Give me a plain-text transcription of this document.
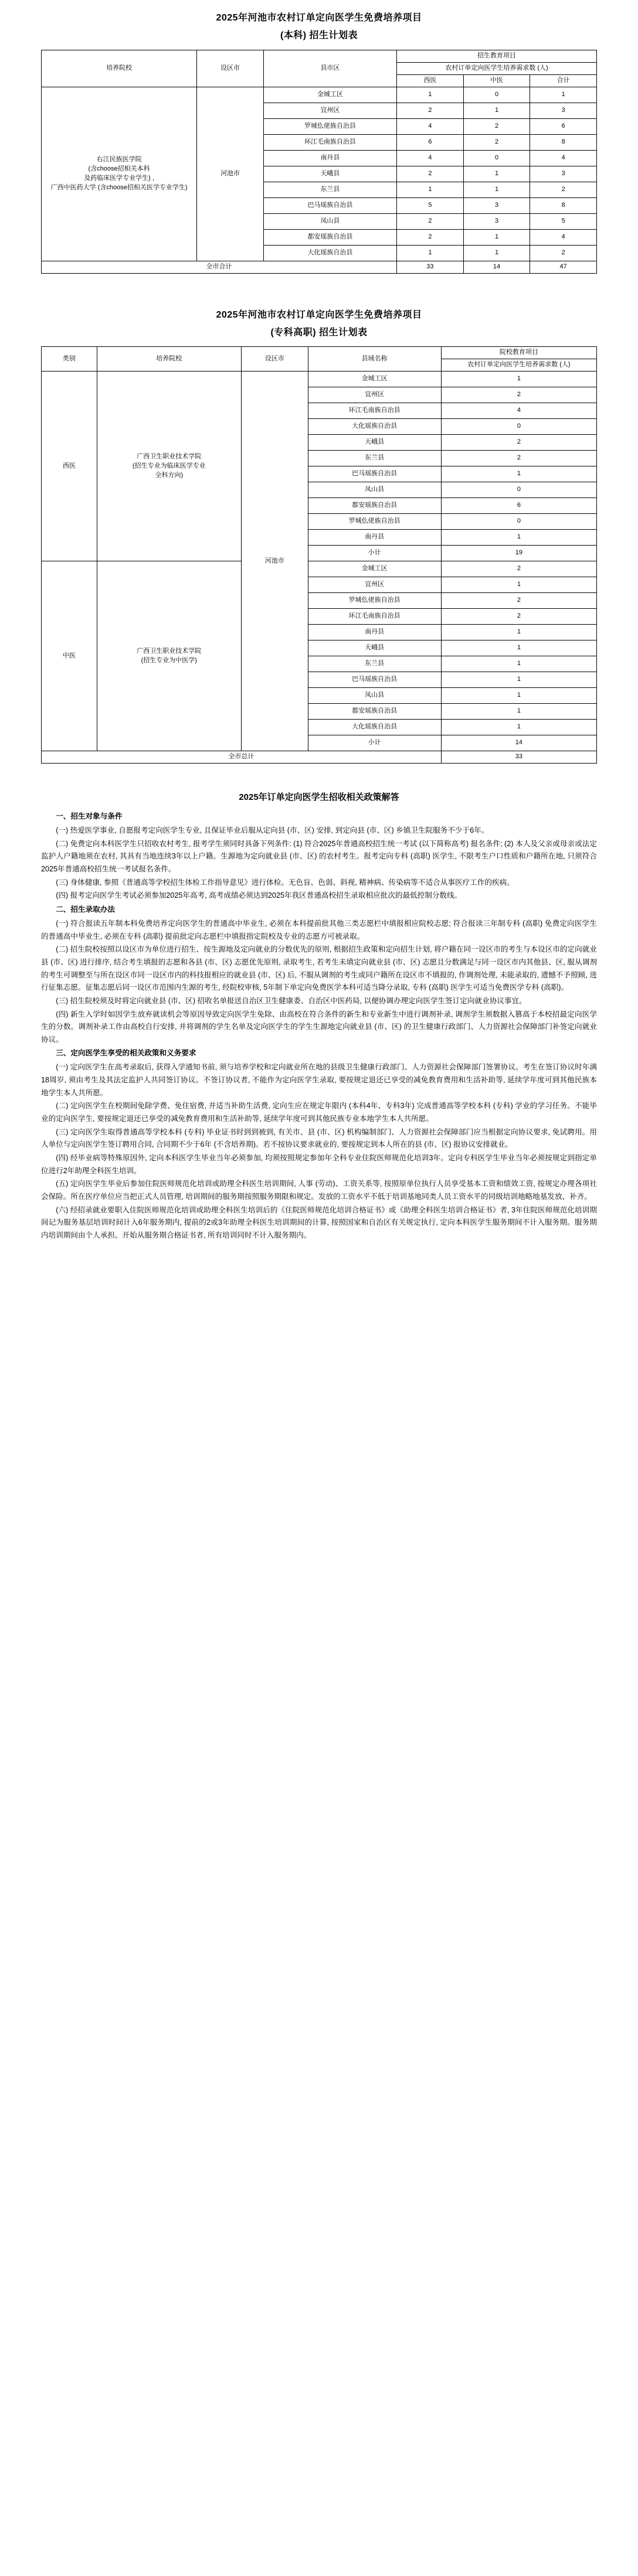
2025年河池市农村订单定向医学生免费培养项目
(本科) 招生计划表
培养院校	设区市	县市区	招生教育项目		
			农村订单定向医学生培养需求数 (人)		
			西医	中医	合计

右江民族医学院
(含choose招相关本科
及药临床医学专业学生) ,
广西中医药大学 (含choose招相关医学专业学生)	河池市	金城工区	1	0	1
		宜州区	2	1	3
		罗城仫佬族自治县	4	2	6
		环江毛南族自治县	6	2	8
		南丹县	4	0	4
		天峨县	2	1	3
		东兰县	1	1	2
		巴马瑶族自治县	5	3	8
		凤山县	2	3	5
		都安瑶族自治县	2	1	4
		大化瑶族自治县	1	1	2
全市合计			33	14	47
2025年河池市农村订单定向医学生免费培养项目
(专科高职) 招生计划表
类别	培养院校	设区市	县域名称	院校教育项目
				农村订单定向医学生培养需求数 (人)
西医	广西卫生职业技术学院
(招生专业为临床医学专业
全科方向)	河池市	金城工区	1
			宜州区	2
			环江毛南族自治县	4
			大化瑶族自治县	0
			天峨县	2
			东兰县	2
			巴马瑶族自治县	1
			凤山县	0
			都安瑶族自治县	6
			罗城仫佬族自治县	0
			南丹县	1
			小计	19
中医	广西卫生职业技术学院
(招生专业为中医学)		金城工区	2
			宜州区	1
			罗城仫佬族自治县	2
			环江毛南族自治县	2
			南丹县	1
			天峨县	1
			东兰县	1
			巴马瑶族自治县	1
			凤山县	1
			都安瑶族自治县	1
			大化瑶族自治县	1
			小计	14
全市总计				33
2025年订单定向医学生招收相关政策解答

一、招生对象与条件

(一) 热爱医学事业, 自愿报考定向医学生专业, 且保证毕业后服从定向县 (市、区) 安排, 到定向县 (市、区) 乡镇卫生院服务不少于6年。

(二) 免费定向本科医学生只招收农村考生, 报考学生须同时具备下列条件: (1) 符合2025年普通高校招生统一考试 (以下简称高考) 报名条件; (2) 本人及父亲或母亲或法定监护人户籍地须在农村, 其具有当地连续3年以上户籍。生源地为定向就业县 (市、区) 的农村考生。报考定向专科 (高职) 医学生, 不限考生户口性质和户籍所在地, 只须符合2025年普通高校招生统一考试报名条件。

(三) 身体健康, 参照《普通高等学校招生体检工作指导意见》进行体检。无色盲、色弱、斜视, 精神病、传染病等不适合从事医疗工作的疾病。

(四) 报考定向医学生考试必须参加2025年高考, 高考成绩必须达到2025年我区普通高校招生录取相应批次的最低控制分数线。

二、招生录取办法

(一) 符合报读五年制本科免费培养定向医学生的普通高中毕业生, 必须在本科提前批其他三类志愿栏中填报相应院校志愿; 符合报读三年制专科 (高职) 免费定向医学生的普通高中毕业生, 必须在专科 (高职) 提前批定向志愿栏中填报指定院校及专业的志愿方可被录取。

(二) 招生院校按照以设区市为单位进行招生、按生源地及定向就业的分数优先的原则, 根据招生政策和定向招生计划, 将户籍在同一设区市的考生与本设区市的定向就业县 (市、区) 进行排序, 结合考生填报的志愿和各县 (市、区) 志愿优先原则, 录取考生, 若考生未填定向就业县 (市、区) 志愿且分数满足与同一设区市内其他县、区, 服从调剂的考生可调整至与所在设区市同一设区市内的科技报相应的就业县 (市、区) 后, 不服从调剂的考生或同户籍所在设区市不填报的, 作调剂处理, 未能录取的, 遗憾不予照顾, 进行征集志愿。征集志愿后同一设区市范围内生源的考生, 经院校审核, 5年制下单定向免费医学本科可适当降分录取, 专科 (高职) 医学生可适当免费医学专科 (高职)。

(三) 招生院校须及时将定向就业县 (市、区) 招收名单报送自治区卫生健康委、自治区中医药局, 以便协调办理定向医学生签订定向就业协议事宜。

(四) 新生入学时如因学生放弃就读机会等原因导致定向医学生免除、由高校在符合条件的新生和专业新生中进行调剂补录, 调剂学生须数据入篡高于本校招最定向医学生的分数。调剂补录工作由高校自行安排, 并将调剂的学生名单及定向医学生的学生生源地定向就业县 (市、区) 的卫生健康行政部门、人力资源社会保障部门补签定向就业协议。

三、定向医学生享受的相关政策和义务要求

(一) 定向医学生在高考录取后, 获得入学通知书前, 须与培养学校和定向就业所在地的县级卫生健康行政部门、人力资源社会保障部门签署协议。考生在签订协议时年满18周岁, 须由考生及其法定监护人共同签订协议。不签订协议者, 不能作为定向医学生录取, 要按规定退还已享受的减免教育费用和生活补助等, 延续学年度可到其他民族本地学生本人共所愿。

(二) 定向医学生在校期间免除学费、免住宿费, 并适当补助生活费, 定向生应在规定年限内 (本科4年、专科3年) 完成普通高等学校本科 (专科) 学业的学习任务。不能毕业的定向医学生, 要按规定退还已享受的减免教育费用和生活补助等, 延续学年度可到其他民族专业本地学生本人共所愿。

(三) 定向医学生取得普通高等学校本科 (专科) 毕业证书时到到被到, 有关市、县 (市、区) 机构编制部门、人力资源社会保障部门应当根据定向协议要求, 免试聘用。用人单位与定向医学生签订聘用合同, 合同期不少于6年 (不含培养期)。若不按协议要求就业的, 要按规定到本人所在的县 (市、区) 报协议安排就业。

(四) 经毕业病等特殊原因外, 定向本科医学生毕业当年必须参加, 均须按照规定参加年全科专业住院医师规范化培训3年。定向专科医学生毕业当年必须按规定到指定单位进行2年助理全科医生培训。

(五) 定向医学生毕业后参加住院医师规范化培训或助理全科医生培训期间, 人事 (劳动)、工资关系等, 按照原单位执行人员享受基本工资和绩效工资, 按规定办理各项社会保险。所在医疗单位应当把正式人员管理, 培训期间的服务期按照服务期限和规定。发放的工资水平不低于培训基地同类人员工资水平的同级培训地略地基发放、补齐。

(六) 经招录就业要职入住院医师规范化培训或助理全科医生培训后的《住院医师规范化培训合格证书》或《助理全科医生培训合格证书》者, 3年住院医师规范化培训期间记为服务基层培训时间计入6年服务期内, 提前的2或3年助理全科医生培训期间的计算, 按照国家和自治区有关规定执行, 定向本科医学生服务期间不计入服务期。服务期内培训期间由个人承担。开始从服务期合格证书者, 所有培训同时不计入服务期内。
